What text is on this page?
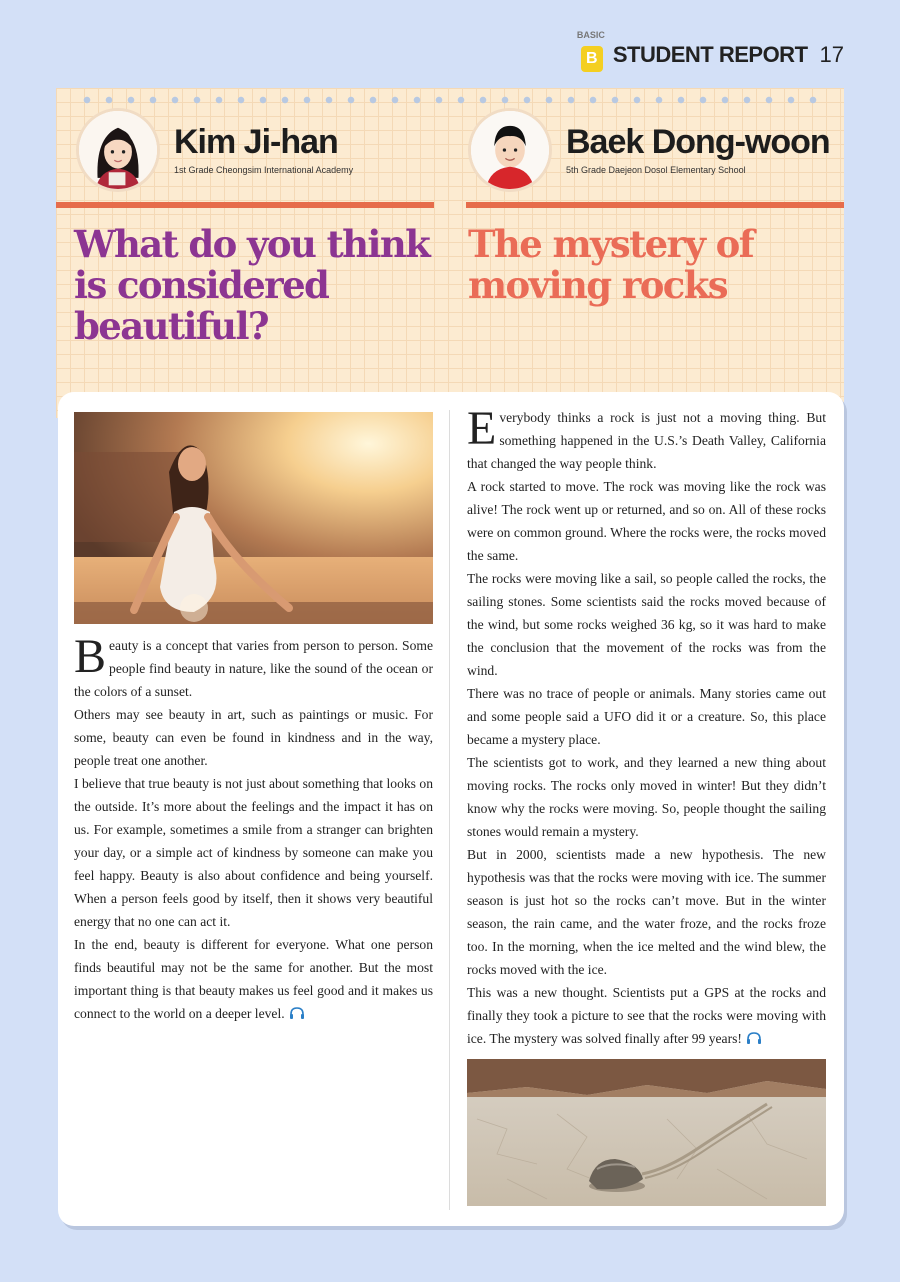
BASIC
B STUDENT REPORT 17
Kim Ji-han
1st Grade Cheongsim International Academy
Baek Dong-woon
5th Grade Daejeon Dosol Elementary School
What do you think is considered beautiful?
The mystery of moving rocks

Beauty is a concept that varies from person to person. Some people find beauty in nature, like the sound of the ocean or the colors of a sunset.

Others may see beauty in art, such as paintings or music. For some, beauty can even be found in kindness and in the way, people treat one another.

I believe that true beauty is not just about something that looks on the outside. It’s more about the feelings and the impact it has on us. For example, sometimes a smile from a stranger can brighten your day, or a simple act of kindness by someone can make you feel happy. Beauty is also about confidence and being yourself. When a person feels good by itself, then it shows very beautiful energy that no one can act it.

In the end, beauty is different for everyone. What one person finds beautiful may not be the same for another. But the most important thing is that beauty makes us feel good and it makes us connect to the world on a deeper level.

Everybody thinks a rock is just not a moving thing. But something happened in the U.S.’s Death Valley, California that changed the way people think.

A rock started to move. The rock was moving like the rock was alive! The rock went up or returned, and so on. All of these rocks were on common ground. Where the rocks were, the rocks moved the same.

The rocks were moving like a sail, so people called the rocks, the sailing stones. Some scientists said the rocks moved because of the wind, but some rocks weighed 36 kg, so it was hard to make the conclusion that the movement of the rocks was from the wind.

There was no trace of people or animals. Many stories came out and some people said a UFO did it or a creature. So, this place became a mystery place.

The scientists got to work, and they learned a new thing about moving rocks. The rocks only moved in winter! But they didn’t know why the rocks were moving. So, people thought the sailing stones would remain a mystery.

But in 2000, scientists made a new hypothesis. The new hypothesis was that the rocks were moving with ice. The summer season is just hot so the rocks can’t move. But in the winter season, the rain came, and the water froze, and the rocks froze too. In the morning, when the ice melted and the wind blew, the rocks moved with the ice.

This was a new thought. Scientists put a GPS at the rocks and finally they took a picture to see that the rocks were moving with ice. The mystery was solved finally after 99 years!
